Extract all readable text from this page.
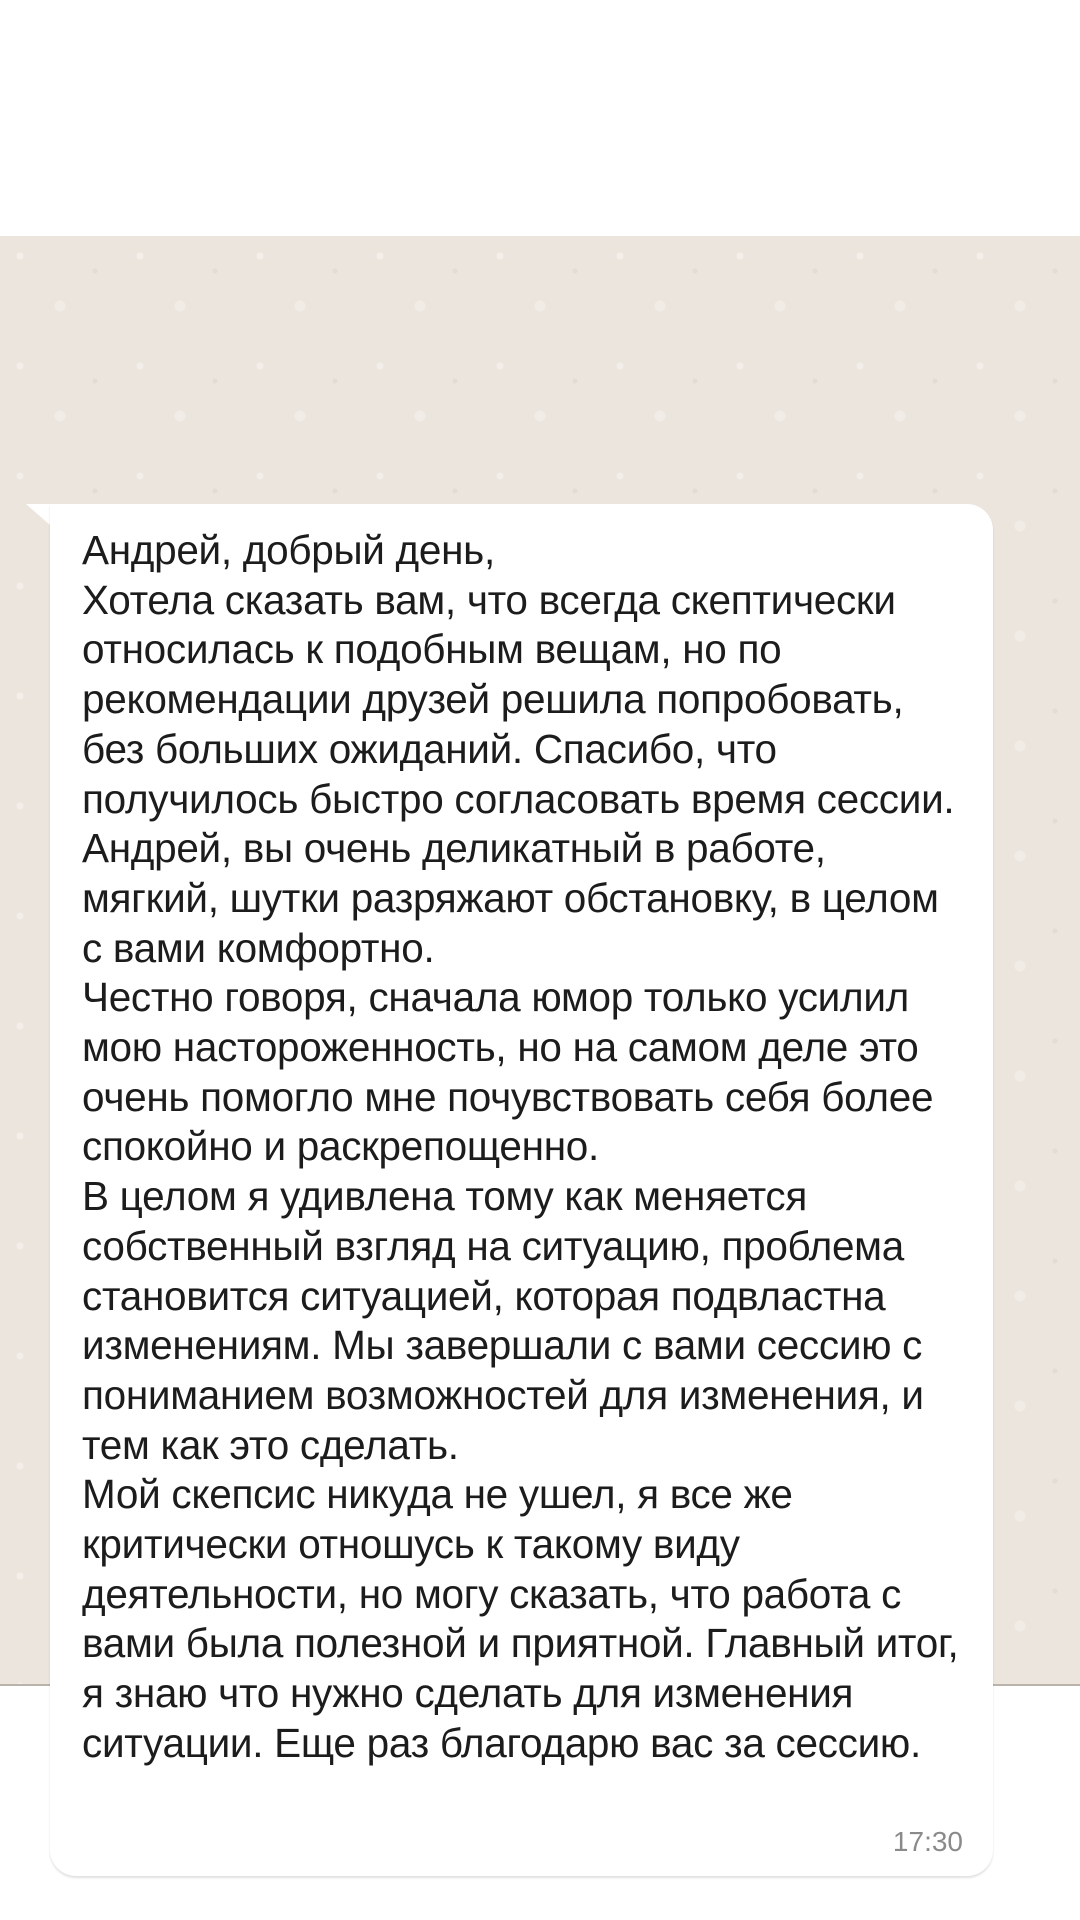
Андрей, добрый день,
Хотела сказать вам, что всегда скептически относилась к подобным вещам, но по рекомендации друзей решила попробовать, без больших ожиданий. Спасибо, что получилось быстро согласовать время сессии.
Андрей, вы очень деликатный в работе, мягкий, шутки разряжают обстановку, в целом с вами комфортно.
Честно говоря, сначала юмор только усилил мою настороженность, но на самом деле это очень помогло мне почувствовать себя более спокойно и раскрепощенно.
В целом я удивлена тому как меняется собственный взгляд на ситуацию, проблема становится ситуацией, которая подвластна изменениям. Мы завершали с вами сессию с пониманием возможностей для изменения, и тем как это сделать.
Мой скепсис никуда не ушел, я все же критически отношусь к такому виду деятельности, но могу сказать, что работа с вами была полезной и приятной. Главный итог, я знаю что нужно сделать для изменения ситуации. Еще раз благодарю вас за сессию.

17:30
